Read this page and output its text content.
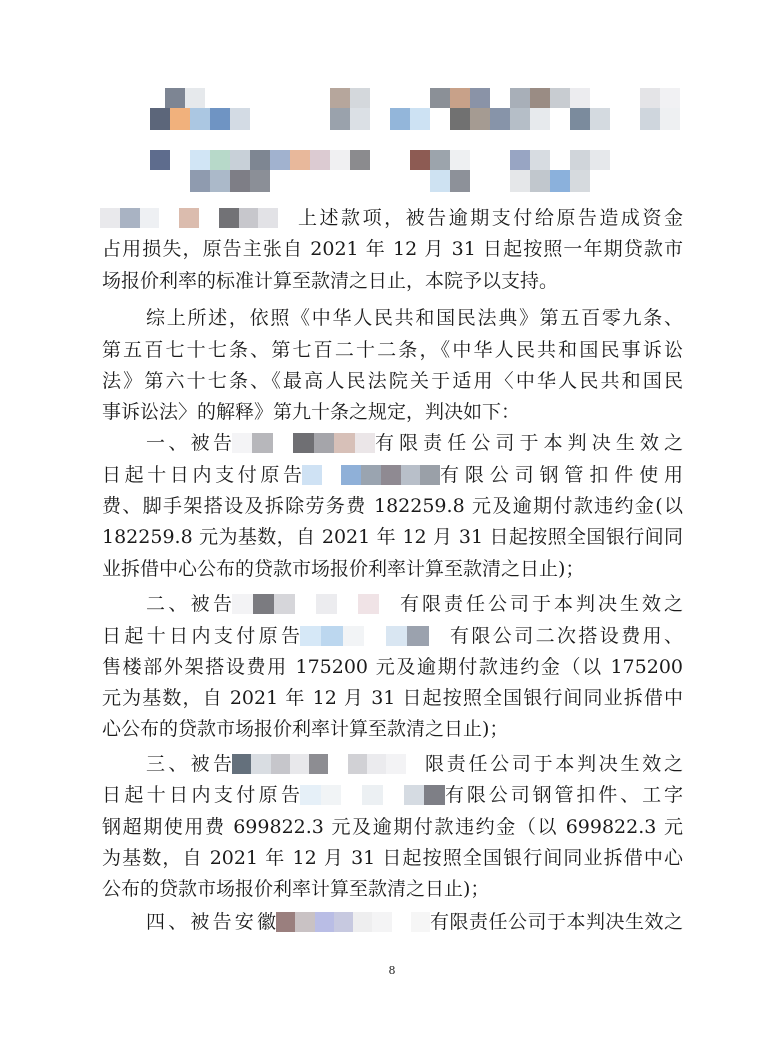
上述款项，被告逾期支付给原告造成资金
占用损失，原告主张自 2021 年 12 月 31 日起按照一年期贷款市
场报价利率的标准计算至款清之日止，本院予以支持。
综上所述，依照《中华人民共和国民法典》第五百零九条、
第五百七十七条、第七百二十二条，《中华人民共和国民事诉讼
法》第六十七条、《最高人民法院关于适用〈中华人民共和国民
事诉讼法〉的解释》第九十条之规定，判决如下：
一、被告	有限责任公司于本判决生效之
日起十日内支付原告	有限公司钢管扣件使用
费、脚手架搭设及拆除劳务费 182259.8 元及逾期付款违约金(以
182259.8 元为基数，自 2021 年 12 月 31 日起按照全国银行间同
业拆借中心公布的贷款市场报价利率计算至款清之日止)；
二、被告	有限责任公司于本判决生效之
日起十日内支付原告	有限公司二次搭设费用、
售楼部外架搭设费用 175200 元及逾期付款违约金（以 175200
元为基数，自 2021 年 12 月 31 日起按照全国银行间同业拆借中
心公布的贷款市场报价利率计算至款清之日止)；
三、被告	限责任公司于本判决生效之
日起十日内支付原告	有限公司钢管扣件、工字
钢超期使用费 699822.3 元及逾期付款违约金（以 699822.3 元
为基数，自 2021 年 12 月 31 日起按照全国银行间同业拆借中心
公布的贷款市场报价利率计算至款清之日止)；
四、被告安徽	有限责任公司于本判决生效之
8
